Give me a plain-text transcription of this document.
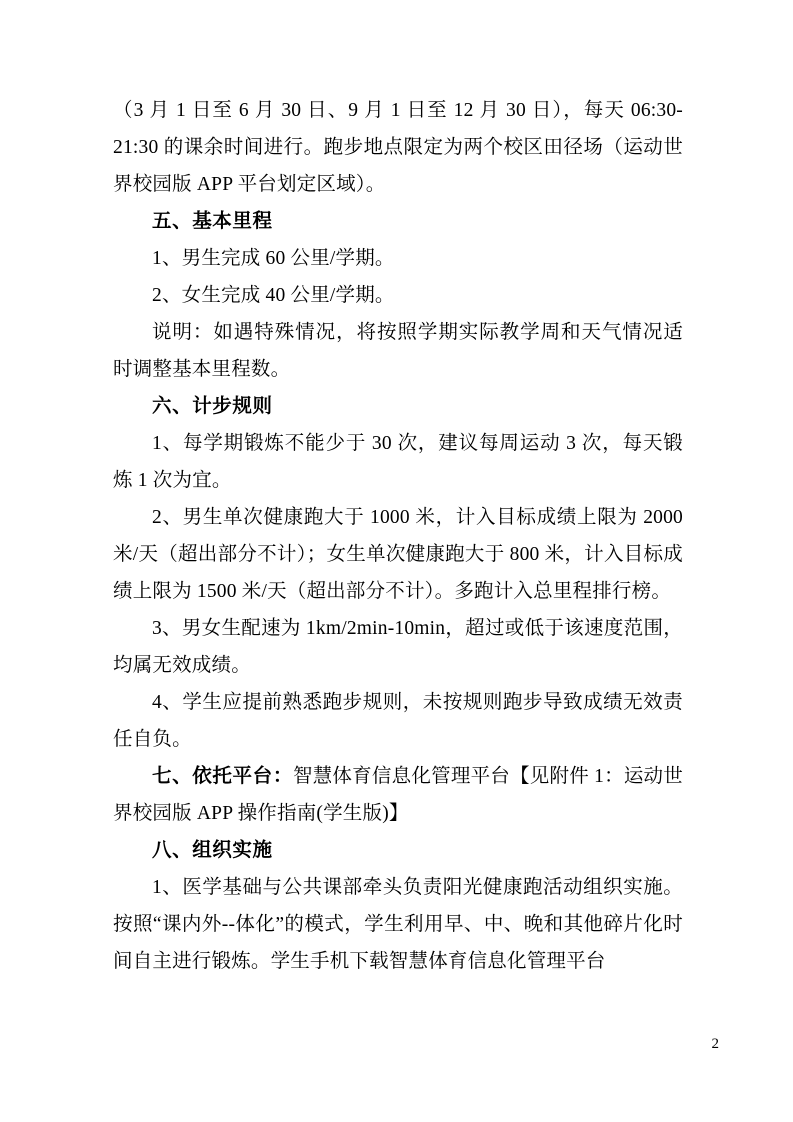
（3 月 1 日至 6 月 30 日、9 月 1 日至 12 月 30 日），每天 06:30-21:30 的课余时间进行。跑步地点限定为两个校区田径场（运动世界校园版 APP 平台划定区域）。

五、基本里程

1、男生完成 60 公里/学期。

2、女生完成 40 公里/学期。

说明：如遇特殊情况，将按照学期实际教学周和天气情况适时调整基本里程数。

六、计步规则

1、每学期锻炼不能少于 30 次，建议每周运动 3 次，每天锻炼 1 次为宜。

2、男生单次健康跑大于 1000 米，计入目标成绩上限为 2000 米/天（超出部分不计）；女生单次健康跑大于 800 米，计入目标成绩上限为 1500 米/天（超出部分不计）。多跑计入总里程排行榜。

3、男女生配速为 1km/2min-10min，超过或低于该速度范围，均属无效成绩。

4、学生应提前熟悉跑步规则，未按规则跑步导致成绩无效责任自负。

七、依托平台：智慧体育信息化管理平台【见附件 1：运动世界校园版 APP 操作指南(学生版)】

八、组织实施

1、医学基础与公共课部牵头负责阳光健康跑活动组织实施。按照“课内外--体化”的模式，学生利用早、中、晚和其他碎片化时间自主进行锻炼。学生手机下载智慧体育信息化管理平台

2
